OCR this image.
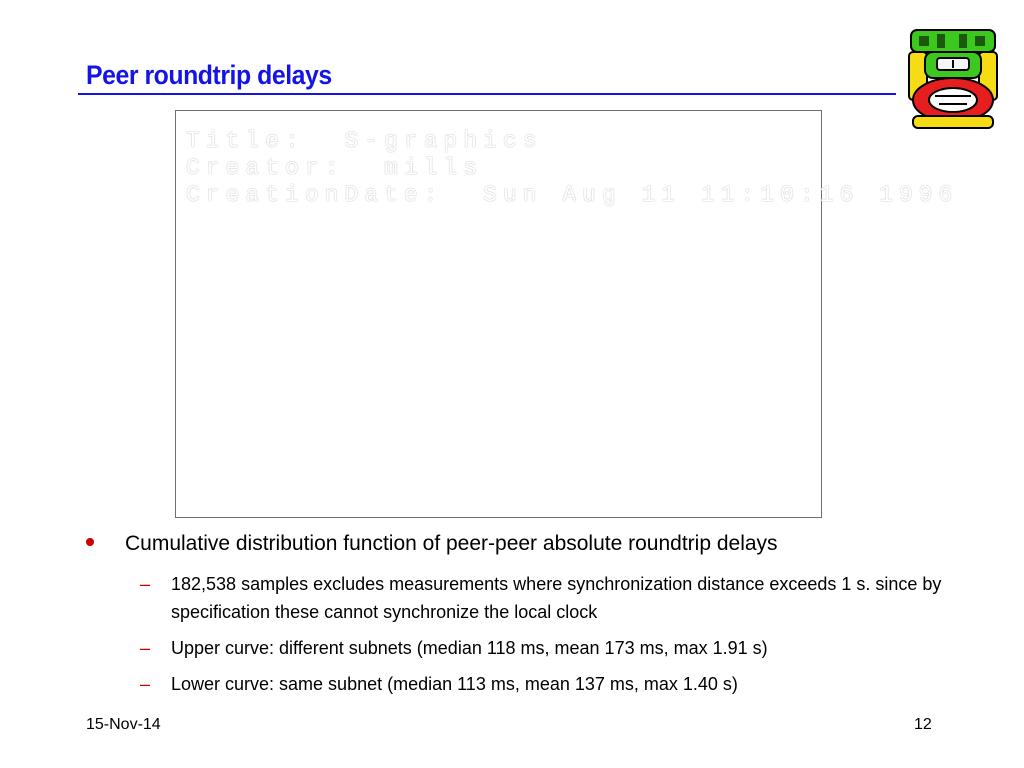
Peer roundtrip delays
Title:  S-graphics
Creator:  mills
CreationDate:  Sun Aug 11 11:10:16 1996
Cumulative distribution function of peer-peer absolute roundtrip delays
– 182,538 samples excludes measurements where synchronization distance exceeds 1 s. since by specification these cannot synchronize the local clock
– Upper curve: different subnets (median 118 ms, mean 173 ms, max 1.91 s)
– Lower curve: same subnet (median 113 ms, mean 137 ms, max 1.40 s)
15-Nov-14	12
